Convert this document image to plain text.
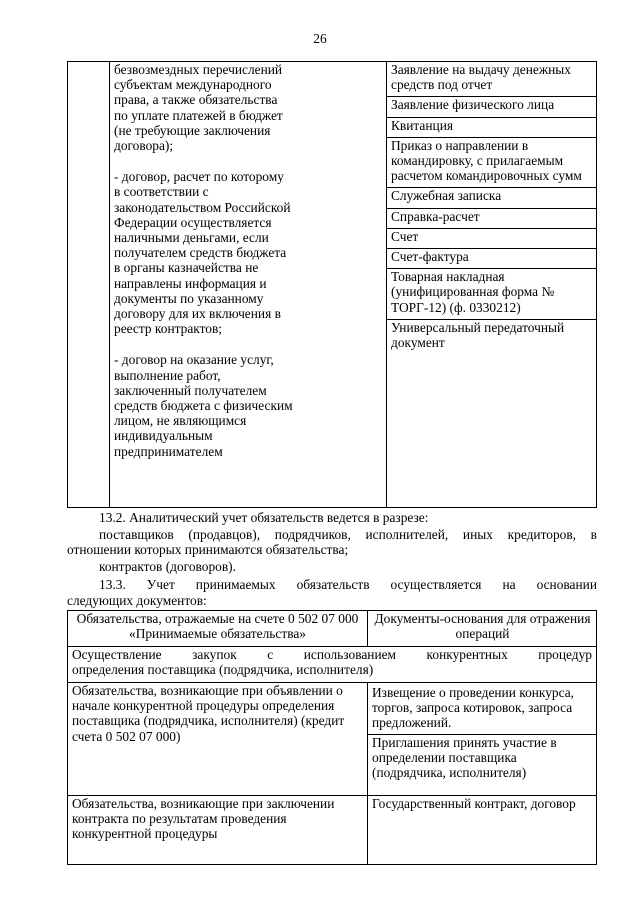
26

безвозмездных перечислений

субъектам международного

права, а также обязательства

по уплате платежей в бюджет

(не требующие заключения

договора);

- договор, расчет по которому

в соответствии с

законодательством Российской

Федерации осуществляется

наличными деньгами, если

получателем средств бюджета

в органы казначейства не

направлены информация и

документы по указанному

договору для их включения в

реестр контрактов;

- договор на оказание услуг,

выполнение работ,

заключенный получателем

средств бюджета с физическим

лицом, не являющимся

индивидуальным

предпринимателем

Заявление на выдачу денежных средств под отчет
Заявление физического лица
Квитанция
Приказ о направлении в командировку, с прилагаемым расчетом командировочных сумм
Служебная записка
Справка-расчет
Счет
Счет-фактура
Товарная накладная (унифицированная форма № ТОРГ-12) (ф. 0330212)
Универсальный передаточный документ
13.2. Аналитический учет обязательств ведется в разрезе:
поставщиков (продавцов), подрядчиков, исполнителей, иных кредиторов, в
отношении которых принимаются обязательства;
контрактов (договоров).
13.3. Учет принимаемых обязательств осуществляется на основании
следующих документов:
Обязательства, отражаемые на счете 0 502 07 000 «Принимаемые обязательства»
Документы-основания для отражения операций

Осуществление закупок с использованием конкурентных процедур

определения поставщика (подрядчика, исполнителя)

Обязательства, возникающие при объявлении о начале конкурентной процедуры определения поставщика (подрядчика, исполнителя) (кредит счета 0 502 07 000)
Извещение о проведении конкурса, торгов, запроса котировок, запроса предложений.
Приглашения принять участие в определении поставщика (подрядчика, исполнителя)
Обязательства, возникающие при заключении контракта по результатам проведения конкурентной процедуры
Государственный контракт, договор
